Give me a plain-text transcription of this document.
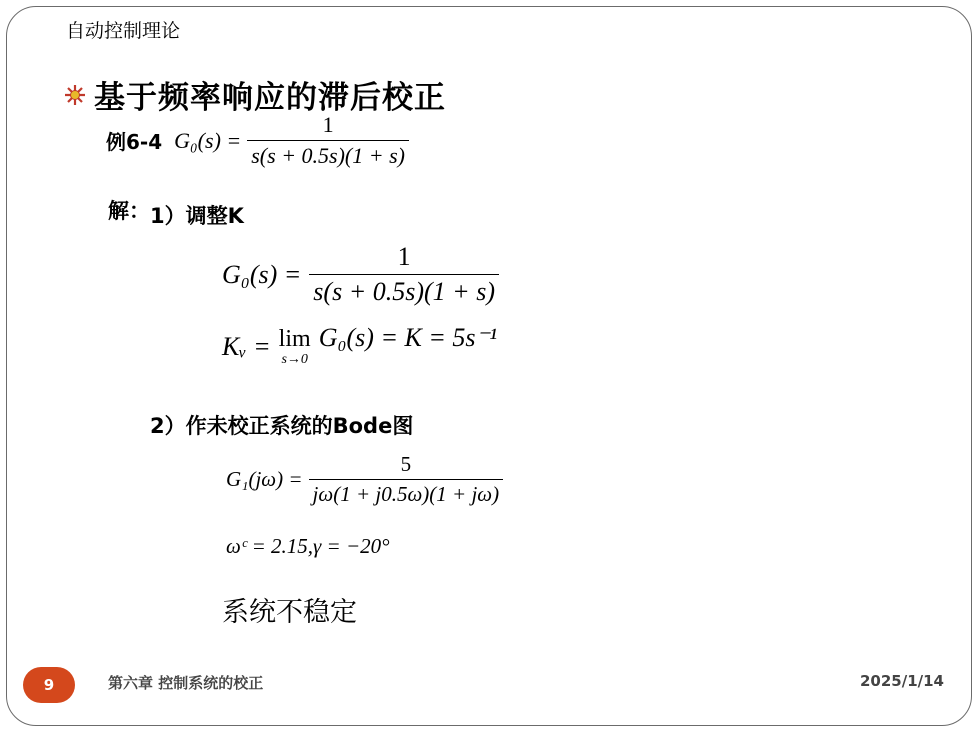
自动控制理论
基于频率响应的滞后校正
例6-4 $G_0(s) = \frac{1}{s(s + 0.5s)(1 + s)}$
解： 1）调整K
$G_0(s) = \frac{1}{s(s + 0.5s)(1 + s)}$
Kᵥ = lim
s→0
G₀(s) = K = 5s⁻¹
2）作未校正系统的Bode图
$G_1(j\omega) = \frac{5}{j\omega(1 + j0.5\omega)(1 + j\omega)}$
ωᶜ = 2.15,γ = −20°
系统不稳定
9	第六章 控制系统的校正	2025/1/14
